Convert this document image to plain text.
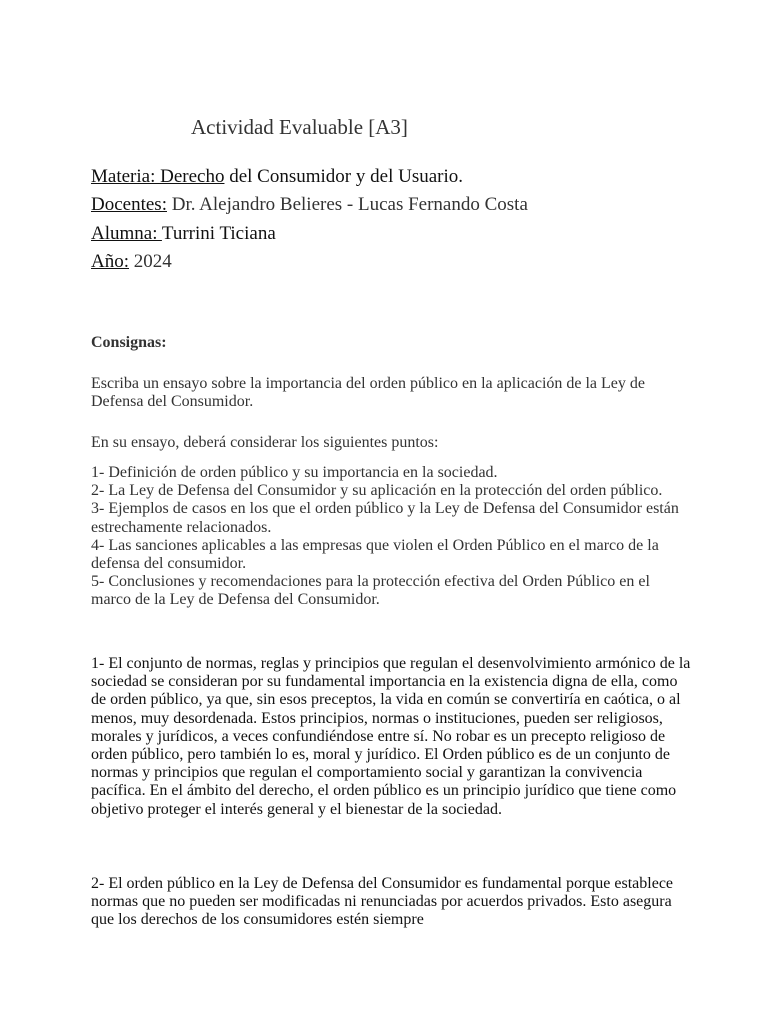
Actividad Evaluable [A3]
Materia: Derecho del Consumidor y del Usuario.
Docentes: Dr. Alejandro Belieres - Lucas Fernando Costa
Alumna: Turrini Ticiana
Año: 2024
Consignas:

Escriba un ensayo sobre la importancia del orden público en la aplicación de la Ley de Defensa del Consumidor.

En su ensayo, deberá considerar los siguientes puntos:

1- Definición de orden público y su importancia en la sociedad.

2- La Ley de Defensa del Consumidor y su aplicación en la protección del orden público.

3- Ejemplos de casos en los que el orden público y la Ley de Defensa del Consumidor están estrechamente relacionados.

4- Las sanciones aplicables a las empresas que violen el Orden Público en el marco de la defensa del consumidor.

5- Conclusiones y recomendaciones para la protección efectiva del Orden Público en el marco de la Ley de Defensa del Consumidor.

1- El conjunto de normas, reglas y principios que regulan el desenvolvimiento armónico de la sociedad se consideran por su fundamental importancia en la existencia digna de ella, como de orden público, ya que, sin esos preceptos, la vida en común se convertiría en caótica, o al menos, muy desordenada. Estos principios, normas o instituciones, pueden ser religiosos, morales y jurídicos, a veces confundiéndose entre sí. No robar es un precepto religioso de orden público, pero también lo es, moral y jurídico. El Orden público es de un conjunto de normas y principios que regulan el comportamiento social y garantizan la convivencia pacífica. En el ámbito del derecho, el orden público es un principio jurídico que tiene como objetivo proteger el interés general y el bienestar de la sociedad.

2- El orden público en la Ley de Defensa del Consumidor es fundamental porque establece normas que no pueden ser modificadas ni renunciadas por acuerdos privados. Esto asegura que los derechos de los consumidores estén siempre
